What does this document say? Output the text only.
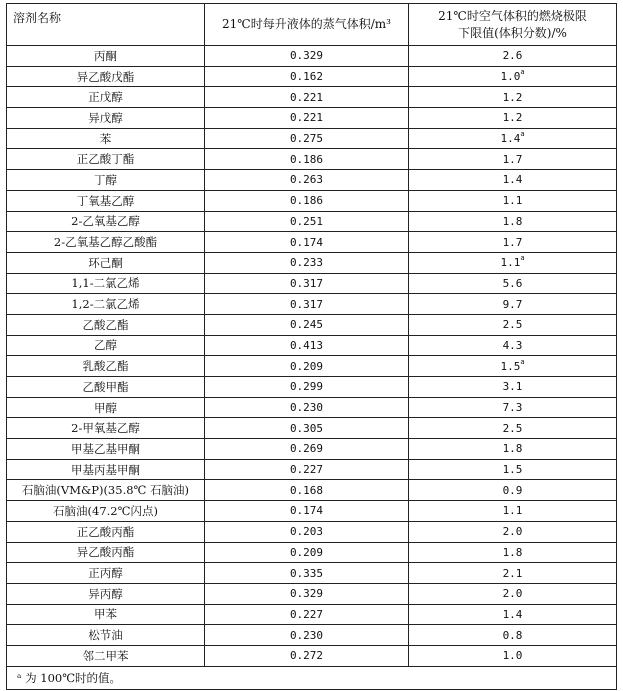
溶剂名称	21℃时每升液体的蒸气体积/m³	21℃时空气体积的燃烧极限
下限值(体积分数)/%

丙酮	0.329	2.6
异乙酸戊酯	0.162	1.0$^a$
正戊醇	0.221	1.2
异戊醇	0.221	1.2
苯	0.275	1.4$^a$
正乙酸丁酯	0.186	1.7
丁醇	0.263	1.4
丁氧基乙醇	0.186	1.1
2-乙氧基乙醇	0.251	1.8
2-乙氧基乙醇乙酸酯	0.174	1.7
环己酮	0.233	1.1$^a$
1,1-二氯乙烯	0.317	5.6
1,2-二氯乙烯	0.317	9.7
乙酸乙酯	0.245	2.5
乙醇	0.413	4.3
乳酸乙酯	0.209	1.5$^a$
乙酸甲酯	0.299	3.1
甲醇	0.230	7.3
2-甲氧基乙醇	0.305	2.5
甲基乙基甲酮	0.269	1.8
甲基丙基甲酮	0.227	1.5
石脑油(VM&P)(35.8℃ 石脑油)	0.168	0.9
石脑油(47.2℃闪点)	0.174	1.1
正乙酸丙酯	0.203	2.0
异乙酸丙酯	0.209	1.8
正丙醇	0.335	2.1
异丙醇	0.329	2.0
甲苯	0.227	1.4
松节油	0.230	0.8
邻二甲苯	0.272	1.0
ᵃ 为 100℃时的值。		
